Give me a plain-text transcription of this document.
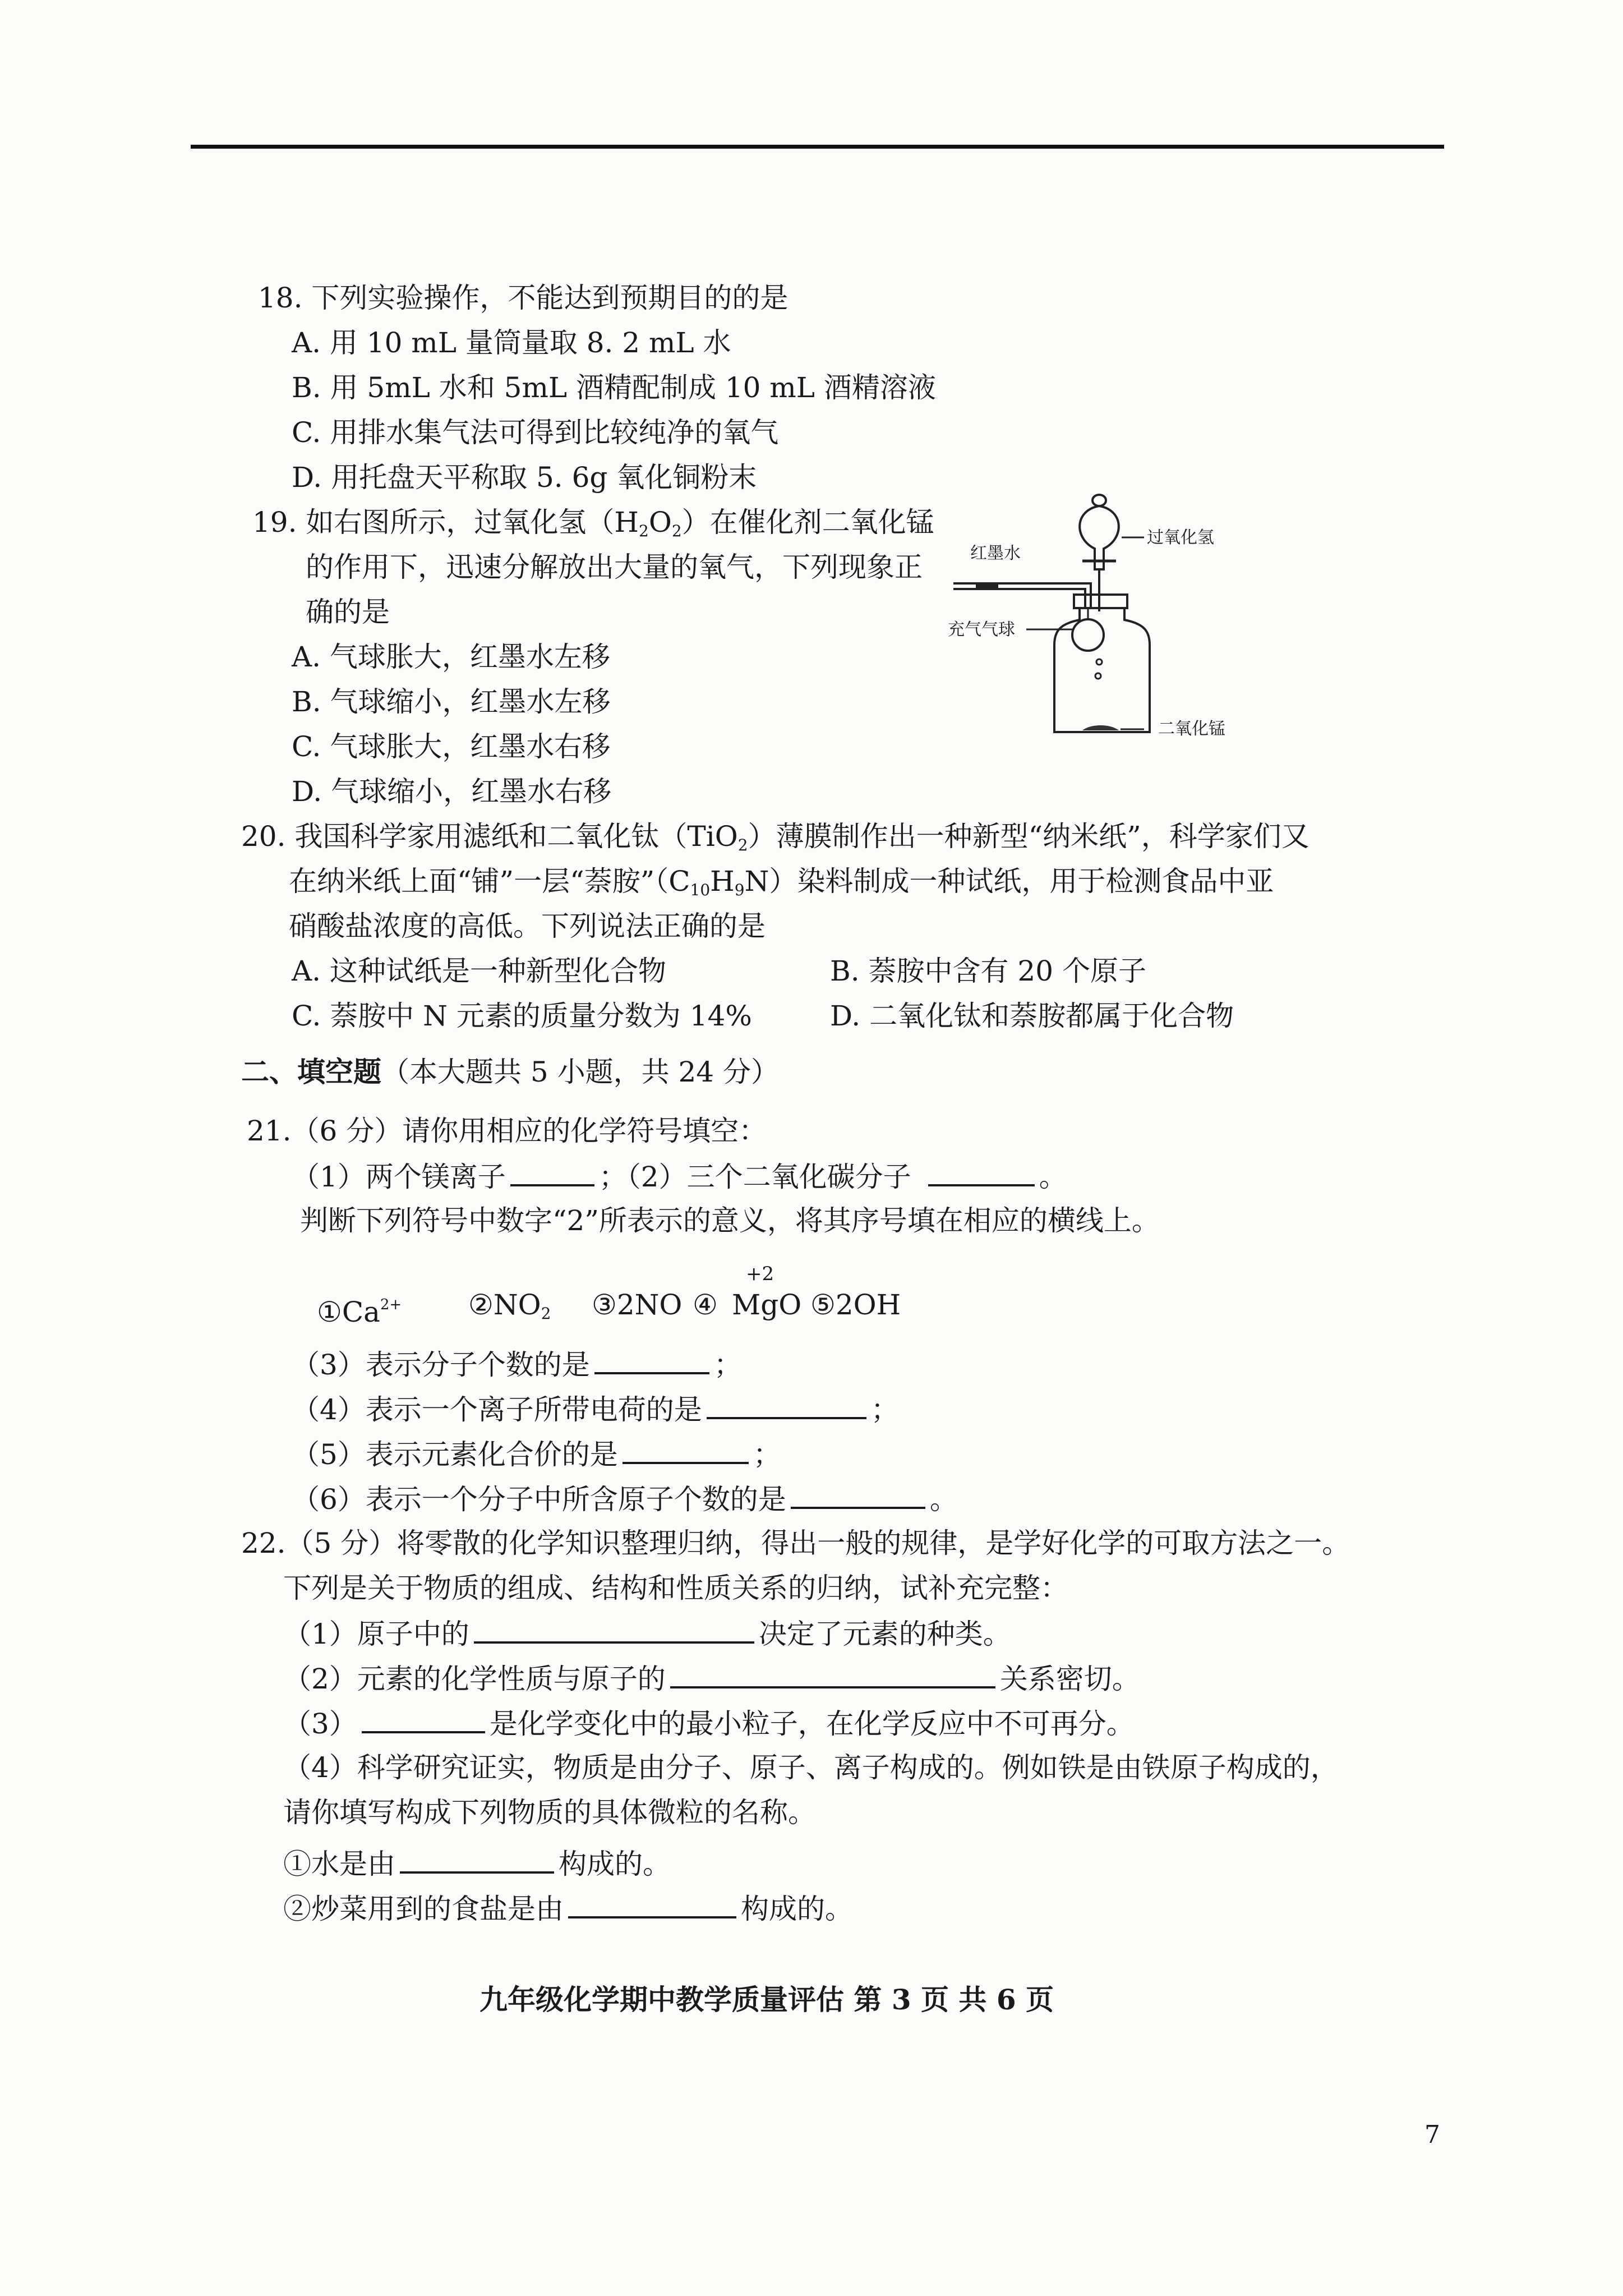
18. 下列实验操作，不能达到预期目的的是
A. 用 10 mL 量筒量取 8. 2 mL 水
B. 用 5mL 水和 5mL 酒精配制成 10 mL 酒精溶液
C. 用排水集气法可得到比较纯净的氧气
D. 用托盘天平称取 5. 6g 氧化铜粉末
19. 如右图所示，过氧化氢$(H_2O_2)$在催化剂二氧化锰
的作用下，迅速分解放出大量的氧气，下列现象正
确的是
A. 气球胀大，红墨水左移
B. 气球缩小，红墨水左移
C. 气球胀大，红墨水右移
D. 气球缩小，红墨水右移
红墨水
过氧化氢
充气气球
二氧化锰
20. 我国科学家用滤纸和二氧化钛（TiO$_2$）薄膜制作出一种新型“纳米纸”，科学家们又
在纳米纸上面“铺”一层“萘胺$”(C_{10}H_9N)$染料制成一种试纸，用于检测食品中亚
硝酸盐浓度的高低。下列说法正确的是
A. 这种试纸是一种新型化合物	B. 萘胺中含有 20 个原子
C. 萘胺中 N 元素的质量分数为 14%	D. 二氧化钛和萘胺都属于化合物
二、填空题（本大题共 5 小题，共 24 分）
21.（6 分）请你用相应的化学符号填空：
（1）两个镁离子	；（2）三个二氧化碳分子	。
判断下列符号中数字“2”所表示的意义，将其序号填在相应的横线上。
$①Ca^{2+}$ $②NO_2$ ③2NO ④
+2
MgO ⑤2OH
（3）表示分子个数的是	；
（4）表示一个离子所带电荷的是	；
（5）表示元素化合价的是	；
（6）表示一个分子中所含原子个数的是	。
22.（5 分）将零散的化学知识整理归纳，得出一般的规律，是学好化学的可取方法之一。
下列是关于物质的组成、结构和性质关系的归纳，试补充完整：
（1）原子中的	决定了元素的种类。
（2）元素的化学性质与原子的	关系密切。
（3）	是化学变化中的最小粒子，在化学反应中不可再分。
（4）科学研究证实，物质是由分子、原子、离子构成的。例如铁是由铁原子构成的，
请你填写构成下列物质的具体微粒的名称。
①水是由	构成的。
②炒菜用到的食盐是由	构成的。
九年级化学期中教学质量评估 第 3 页 共 6 页
7
